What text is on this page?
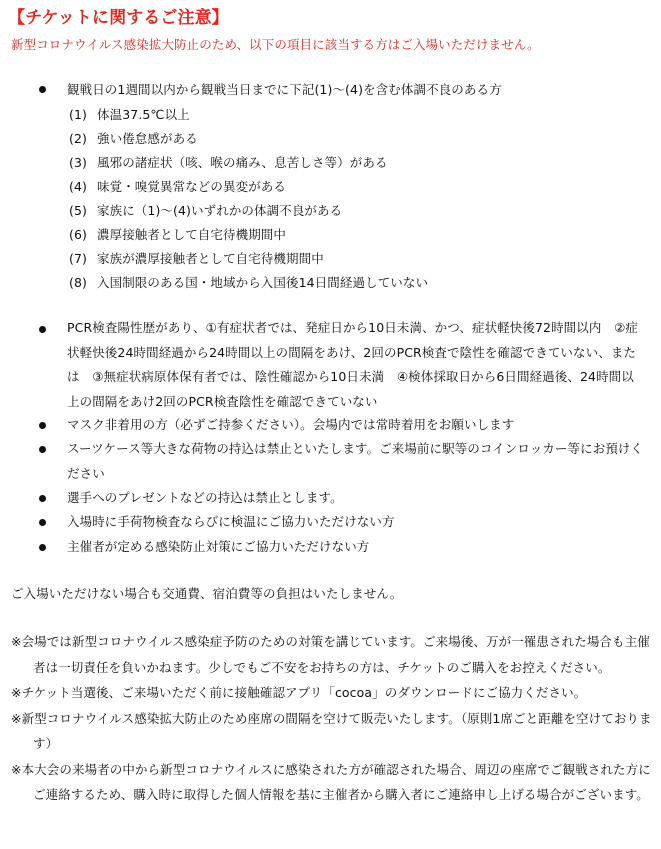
【チケットに関するご注意】
新型コロナウイルス感染拡大防止のため、以下の項目に該当する方はご入場いただけません。
観戦日の1週間以内から観戦当日までに下記(1)～(4)を含む体調不良のある方
(1) 体温37.5℃以上
(2) 強い倦怠感がある
(3) 風邪の諸症状（咳、喉の痛み、息苦しさ等）がある
(4) 味覚・嗅覚異常などの異変がある
(5) 家族に（1)～(4)いずれかの体調不良がある
(6) 濃厚接触者として自宅待機期間中
(7) 家族が濃厚接触者として自宅待機期間中
(8) 入国制限のある国・地域から入国後14日間経過していない
PCR検査陽性歴があり、①有症状者では、発症日から10日未満、かつ、症状軽快後72時間以内　②症状軽快後24時間経過から24時間以上の間隔をあけ、2回のPCR検査で陰性を確認できていない、または　③無症状病原体保有者では、陰性確認から10日未満　④検体採取日から6日間経過後、24時間以上の間隔をあけ2回のPCR検査陰性を確認できていない
マスク非着用の方（必ずご持参ください）。会場内では常時着用をお願いします
スーツケース等大きな荷物の持込は禁止といたします。ご来場前に駅等のコインロッカー等にお預けください
選手へのプレゼントなどの持込は禁止とします。
入場時に手荷物検査ならびに検温にご協力いただけない方
主催者が定める感染防止対策にご協力いただけない方
ご入場いただけない場合も交通費、宿泊費等の負担はいたしません。
※会場では新型コロナウイルス感染症予防のための対策を講じています。ご来場後、万が一罹患された場合も主催者は一切責任を負いかねます。少しでもご不安をお持ちの方は、チケットのご購入をお控えください。
※チケット当選後、ご来場いただく前に接触確認アプリ「cocoa」のダウンロードにご協力ください。
※新型コロナウイルス感染拡大防止のため座席の間隔を空けて販売いたします。（原則1席ごと距離を空けております）
※本大会の来場者の中から新型コロナウイルスに感染された方が確認された場合、周辺の座席でご観戦された方にご連絡するため、購入時に取得した個人情報を基に主催者から購入者にご連絡申し上げる場合がございます。
